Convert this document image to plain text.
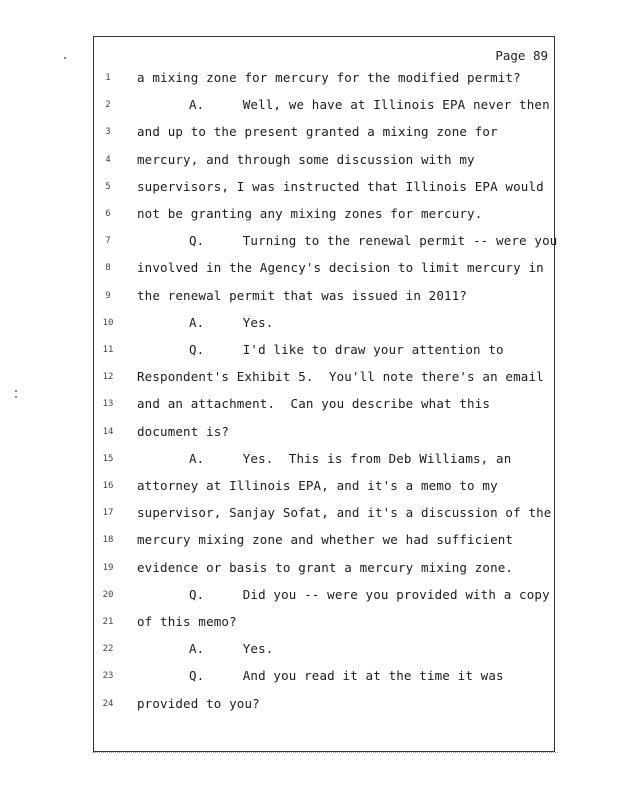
Page 89
1	a mixing zone for mercury for the modified permit?
2	A.     Well, we have at Illinois EPA never then
3	and up to the present granted a mixing zone for
4	mercury, and through some discussion with my
5	supervisors, I was instructed that Illinois EPA would
6	not be granting any mixing zones for mercury.
7	Q.     Turning to the renewal permit -- were you
8	involved in the Agency's decision to limit mercury in
9	the renewal permit that was issued in 2011?
10	A.     Yes.
11	Q.     I'd like to draw your attention to
12 Respondent's Exhibit 5.  You'll note there's an email
13 and an attachment.  Can you describe what this
14 document is?
15	A.     Yes.  This is from Deb Williams, an
16 attorney at Illinois EPA, and it's a memo to my
17 supervisor, Sanjay Sofat, and it's a discussion of the
18 mercury mixing zone and whether we had sufficient
19 evidence or basis to grant a mercury mixing zone.
20	Q.     Did you -- were you provided with a copy
21 of this memo?
22	A.     Yes.
23	Q.     And you read it at the time it was
24 provided to you?
